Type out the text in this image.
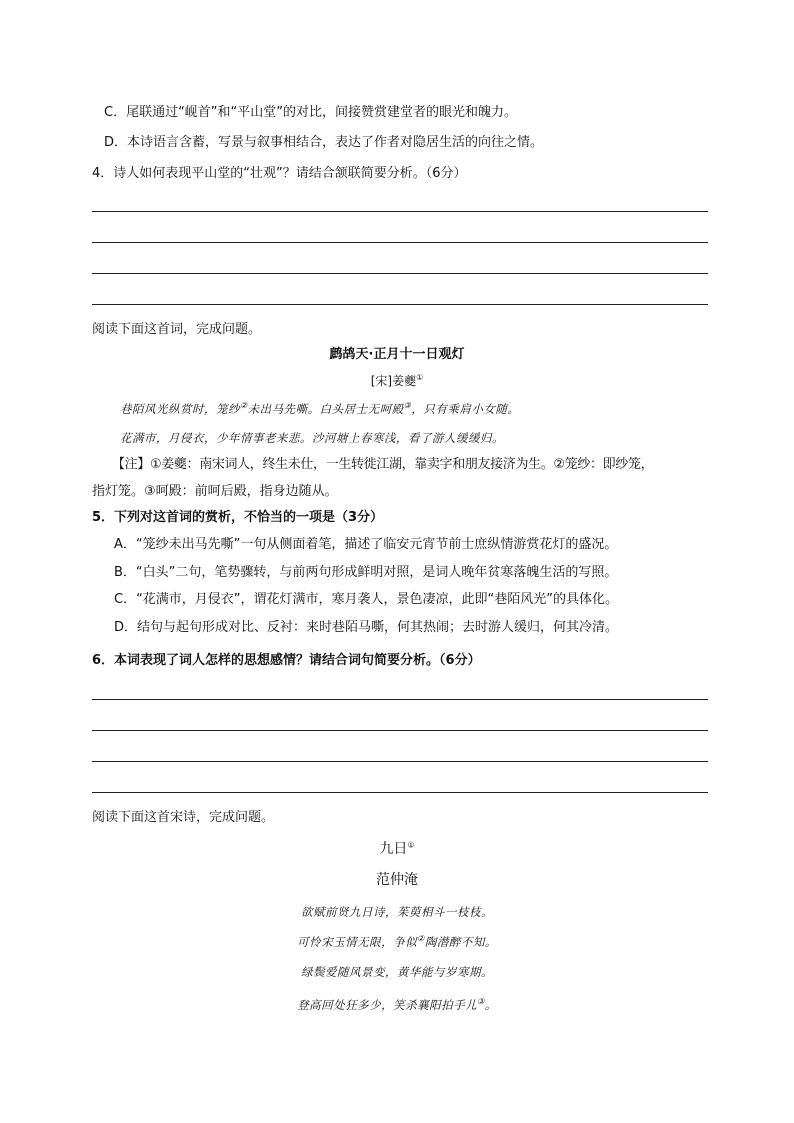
C．尾联通过“岘首”和“平山堂”的对比，间接赞赏建堂者的眼光和魄力。
D．本诗语言含蓄，写景与叙事相结合，表达了作者对隐居生活的向往之情。
4．诗人如何表现平山堂的“壮观”？请结合颔联简要分析。（6分）
阅读下面这首词，完成问题。
鹧鸪天·正月十一日观灯
[宋]姜夔①
巷陌风光纵赏时，笼纱②未出马先嘶。白头居士无呵殿③，只有乘肩小女随。
花满市，月侵衣，少年情事老来悲。沙河塘上春寒浅，看了游人缓缓归。
【注】①姜夔：南宋词人，终生未仕，一生转徙江湖，靠卖字和朋友接济为生。②笼纱：即纱笼，
指灯笼。③呵殿：前呵后殿，指身边随从。
5．下列对这首词的赏析，不恰当的一项是（3分）
A．“笼纱未出马先嘶”一句从侧面着笔，描述了临安元宵节前士庶纵情游赏花灯的盛况。
B．“白头”二句，笔势骤转，与前两句形成鲜明对照，是词人晚年贫寒落魄生活的写照。
C．“花满市，月侵衣”，谓花灯满市，寒月袭人，景色凄凉，此即“巷陌风光”的具体化。
D．结句与起句形成对比、反衬：来时巷陌马嘶，何其热闹；去时游人缓归，何其冷清。
6．本词表现了词人怎样的思想感情？请结合词句简要分析。（6分）
阅读下面这首宋诗，完成问题。
九日①
范仲淹
欲赋前贤九日诗，茱萸相斗一枝枝。
可怜宋玉情无限，争似②陶潜醉不知。
绿鬓爱随风景变，黄华能与岁寒期。
登高回处狂多少，笑杀襄阳拍手儿③。
